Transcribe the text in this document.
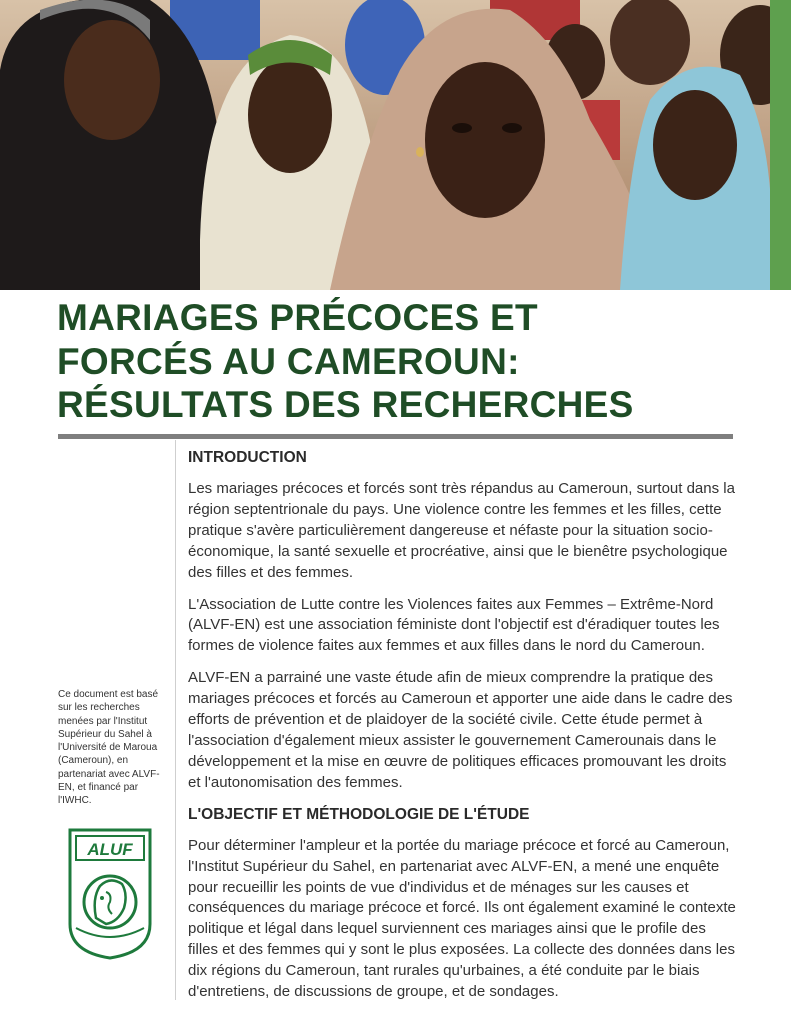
MARIAGES PRÉCOCES ET
FORCÉS AU CAMEROUN:
RÉSULTATS DES RECHERCHES
INTRODUCTION

Les mariages précoces et forcés sont très répandus au Cameroun, surtout dans la région septentrionale du pays. Une violence contre les femmes et les filles, cette pratique s'avère particulièrement dangereuse et néfaste pour la situation socio-économique, la santé sexuelle et procréative, ainsi que le bienêtre psychologique des filles et des femmes.

L'Association de Lutte contre les Violences faites aux Femmes – Extrême-Nord (ALVF-EN) est une association féministe dont l'objectif est d'éradiquer toutes les formes de violence faites aux femmes et aux filles dans le nord du Cameroun.

ALVF-EN a parrainé une vaste étude afin de mieux comprendre la pratique des mariages précoces et forcés au Cameroun et apporter une aide dans le cadre des efforts de prévention et de plaidoyer de la société civile. Cette étude permet à l'association d'également mieux assister le gouvernement Camerounais dans le développement et la mise en œuvre de politiques efficaces promouvant les droits et l'autonomisation des femmes.

L'OBJECTIF ET MÉTHODOLOGIE DE L'ÉTUDE

Pour déterminer l'ampleur et la portée du mariage précoce et forcé au Cameroun, l'Institut Supérieur du Sahel, en partenariat avec ALVF-EN, a mené une enquête pour recueillir les points de vue d'individus et de ménages sur les causes et conséquences du mariage précoce et forcé. Ils ont également examiné le contexte politique et légal dans lequel surviennent ces mariages ainsi que le profile des filles et des femmes qui y sont le plus exposées. La collecte des données dans les dix régions du Cameroun, tant rurales qu'urbaines, a été conduite par le biais d'entretiens, de discussions de groupe, et de sondages.

Ce document est basé sur les recherches menées par l'Institut Supérieur du Sahel à l'Université de Maroua (Cameroun), en partenariat avec ALVF-EN, et financé par l'IWHC.
ALUF
